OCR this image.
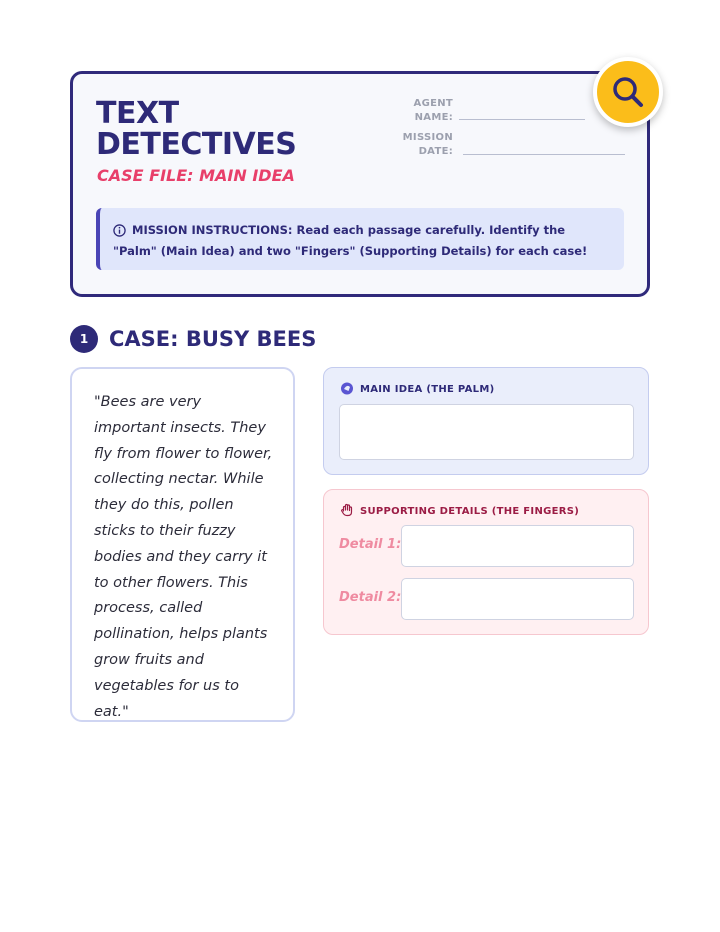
TEXT
DETECTIVES
CASE FILE: MAIN IDEA
AGENT
NAME:
MISSION
DATE:
MISSION INSTRUCTIONS: Read each passage carefully. Identify the "Palm" (Main Idea) and two "Fingers" (Supporting Details) for each case!
1 CASE: BUSY BEES

"Bees are very important insects. They fly from flower to flower, collecting nectar. While they do this, pollen sticks to their fuzzy bodies and they carry it to other flowers. This process, called pollination, helps plants grow fruits and vegetables for us to eat."

MAIN IDEA (THE PALM)
SUPPORTING DETAILS (THE FINGERS)
Detail 1:
Detail 2:
